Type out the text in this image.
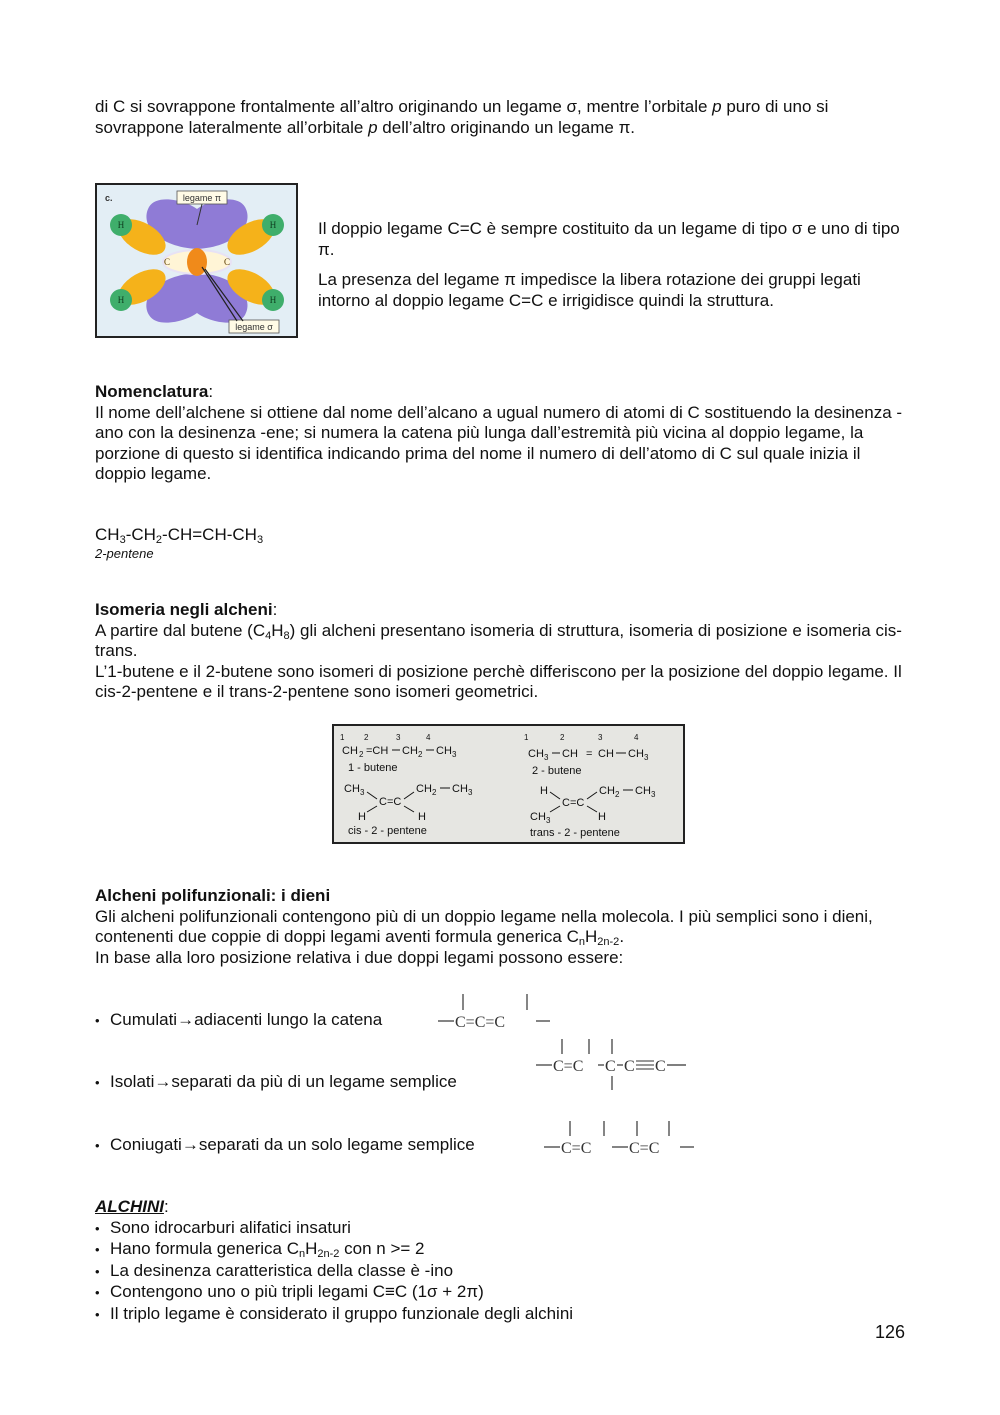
di C si sovrappone frontalmente all’altro originando un legame σ, mentre l’orbitale p puro di uno si

sovrappone lateralmente all’orbitale p dell’altro originando un legame π.

c.
H	H
H	H
C	C
legame π
legame σ

Il doppio legame C=C è sempre costituito da un legame di tipo σ e uno di tipo π.

La presenza del legame π impedisce la libera rotazione dei gruppi legati intorno al doppio legame C=C e irrigidisce quindi la struttura.

Nomenclatura:

Il nome dell’alchene si ottiene dal nome dell’alcano a ugual numero di atomi di C sostituendo la desinenza -ano con la desinenza -ene; si numera la catena più lunga dall’estremità più vicina al doppio legame, la porzione di questo si identifica indicando prima del nome il numero di dell’atomo di C sul quale inizia il doppio legame.

$CH_3-CH_2-CH=CH-CH_3$

2-pentene

Isomeria negli alcheni:

A partire dal butene $(C_4H_8)$ gli alcheni presentano isomeria di struttura, isomeria di posizione e isomeria cis-trans.

L’1-butene e il 2-butene sono isomeri di posizione perchè differiscono per la posizione del doppio legame. Il cis-2-pentene e il trans-2-pentene sono isomeri geometrici.

1 2	3	4
CH 2 =CH CH 2 CH 3
1 - butene
1	2	3	4
CH 3 CH = CH CH 3
2 - butene
CH 3
C=C
CH 2 CH 3
H	H
cis - 2 - pentene
H
C=C
CH 2 CH 3
CH 3	H
trans - 2 - pentene

Alcheni polifunzionali: i dieni

Gli alcheni polifunzionali contengono più di un doppio legame nella molecola. I più semplici sono i dieni, contenenti due coppie di doppi legami aventi formula generica $C_nH_{2n-2}$.

In base alla loro posizione relativa i due doppi legami possono essere:

• Cumulati → adiacenti lungo la catena
• Isolati → separati da più di un legame semplice
• Coniugati → separati da un solo legame semplice
C=C=C
C=C C C C
C=C C=C

ALCHINI:

• Sono idrocarburi alifatici insaturi
• Hano formula generica $C_nH_{2n-2}$ con n >= 2
• La desinenza caratteristica della classe è -ino
• Contengono uno o più tripli legami C≡C (1σ + 2π)
• Il triplo legame è considerato il gruppo funzionale degli alchini
126
